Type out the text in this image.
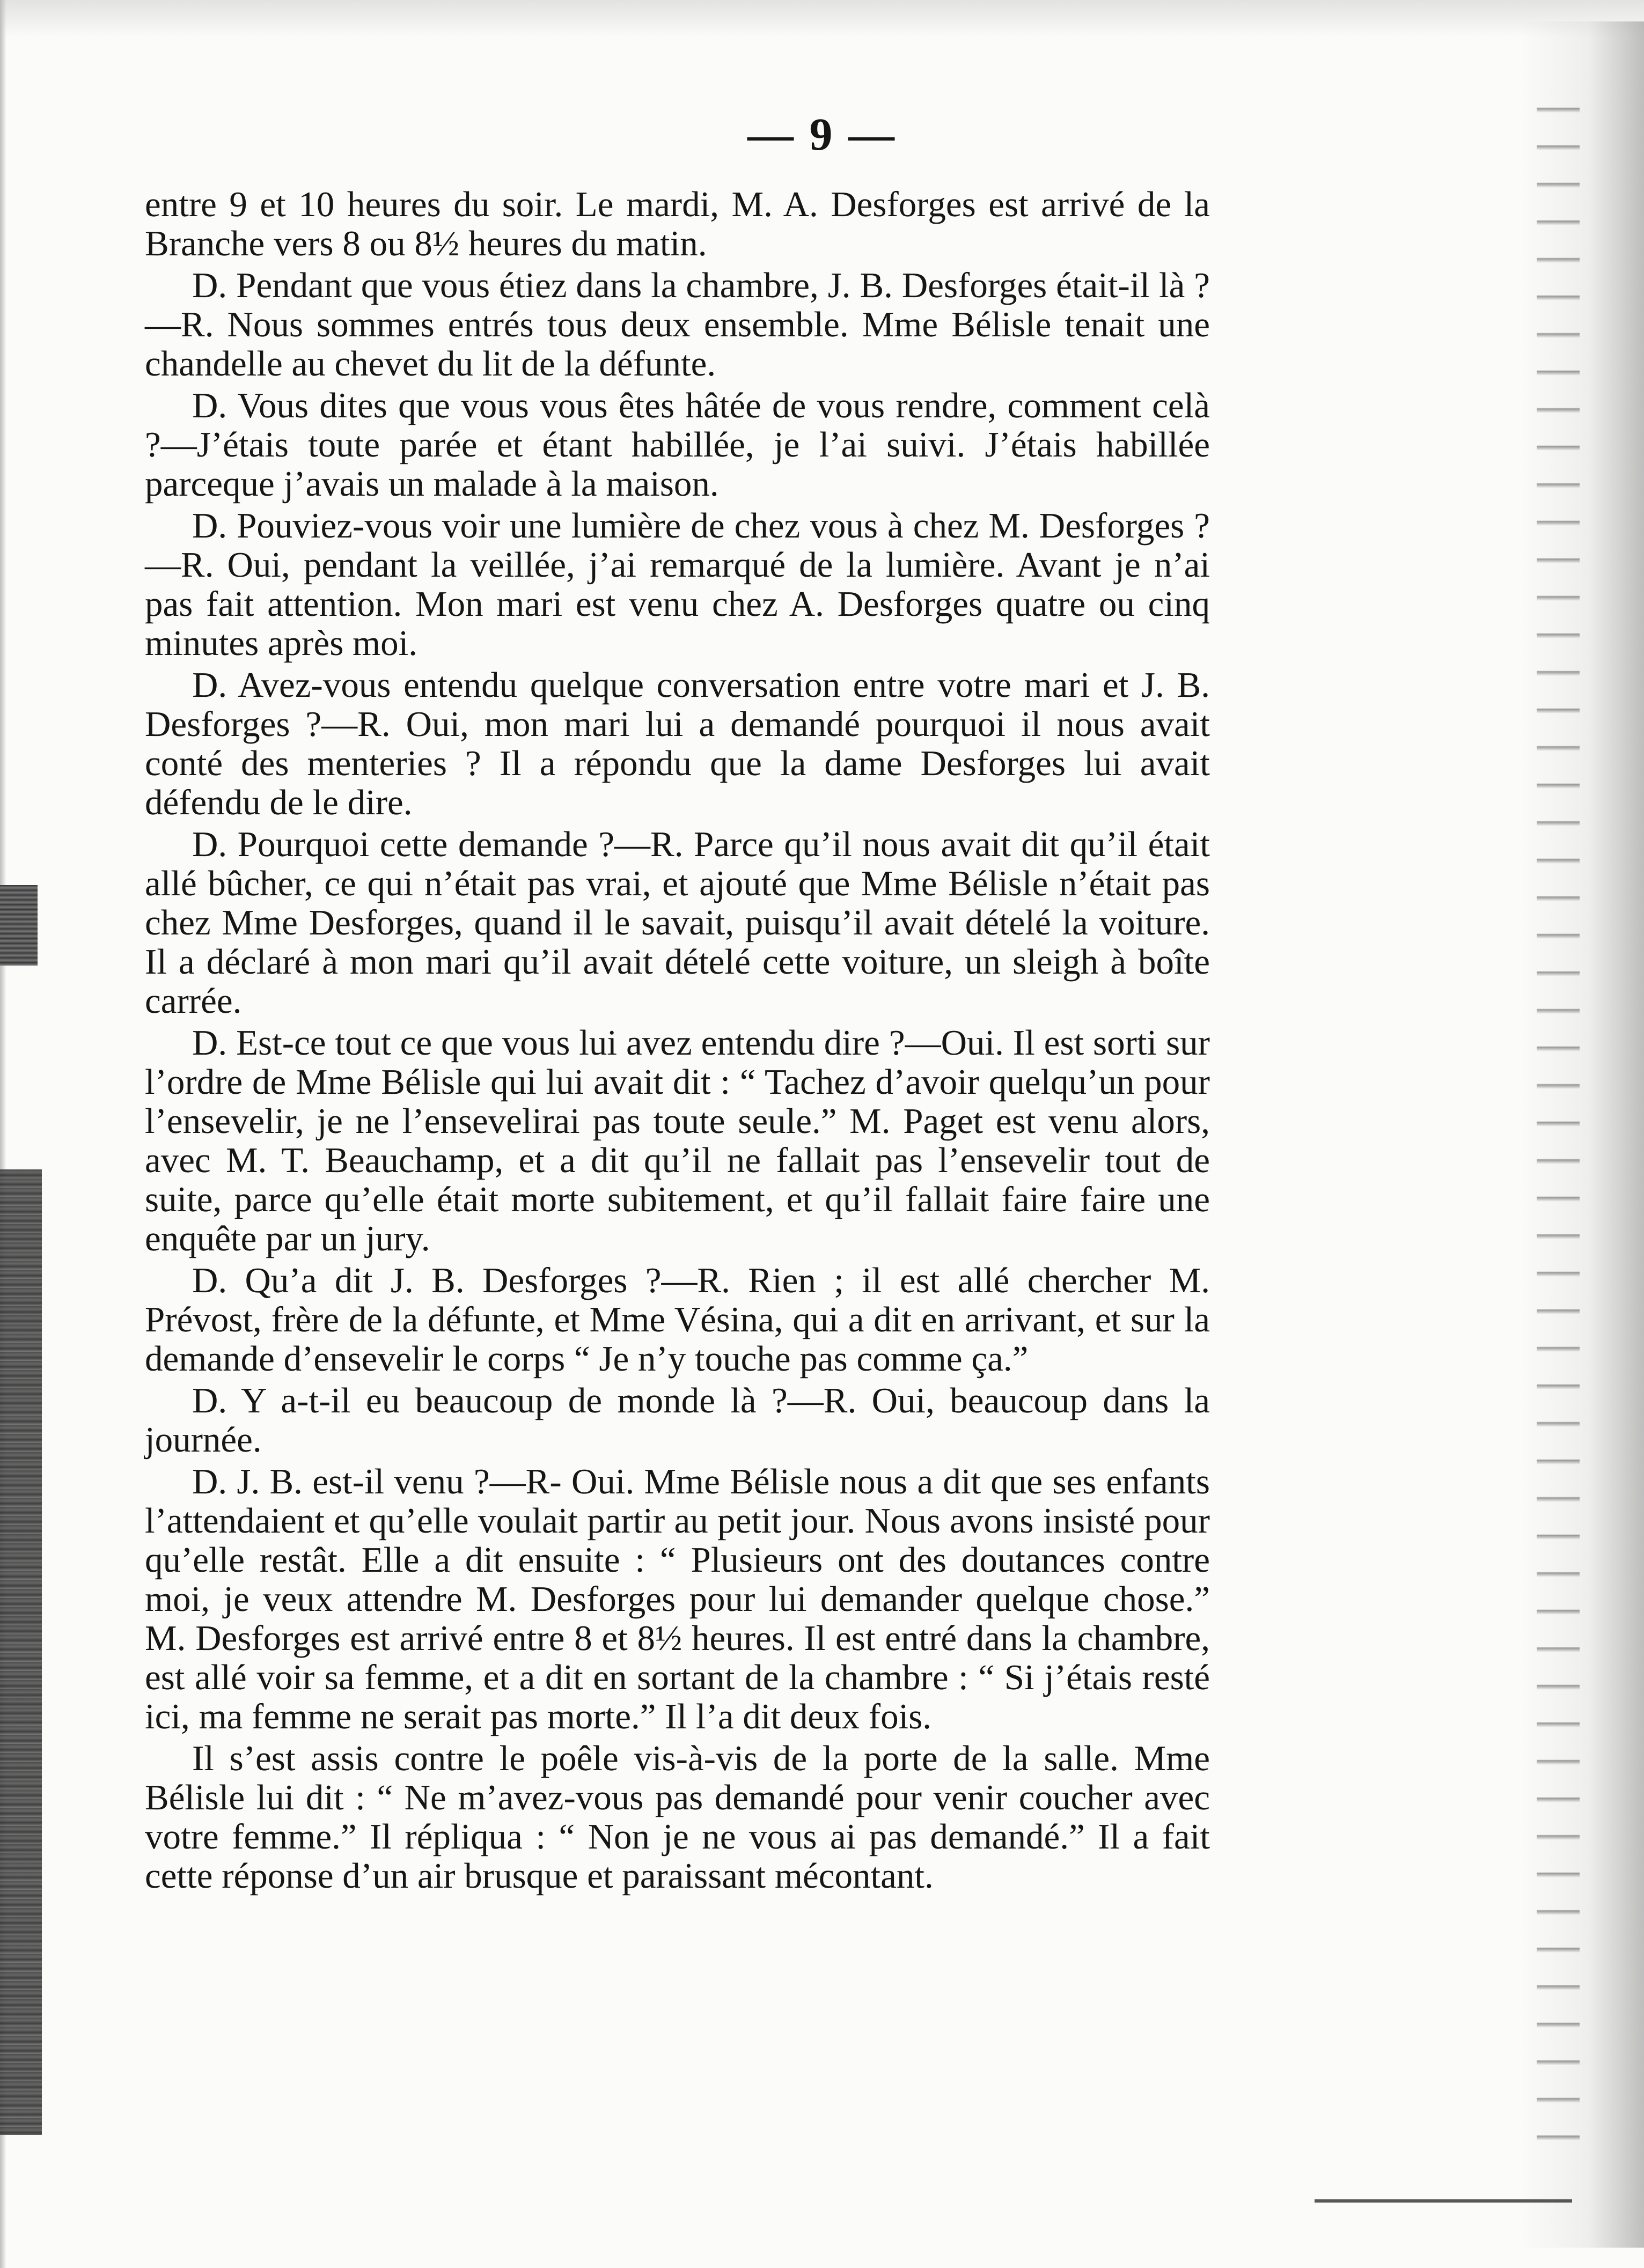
— 9 —

entre 9 et 10 heures du soir. Le mardi, M. A. Desforges est arrivé de la Branche vers 8 ou 8½ heures du matin.

D. Pendant que vous étiez dans la chambre, J. B. Desforges était-il là ?—R. Nous sommes entrés tous deux ensemble. Mme Bélisle tenait une chandelle au chevet du lit de la défunte.

D. Vous dites que vous vous êtes hâtée de vous rendre, comment celà ?—J’étais toute parée et étant habillée, je l’ai suivi. J’étais habillée parceque j’avais un malade à la maison.

D. Pouviez-vous voir une lumière de chez vous à chez M. Desforges ?—R. Oui, pendant la veillée, j’ai remarqué de la lumière. Avant je n’ai pas fait attention. Mon mari est venu chez A. Desforges quatre ou cinq minutes après moi.

D. Avez-vous entendu quelque conversation entre votre mari et J. B. Desforges ?—R. Oui, mon mari lui a demandé pourquoi il nous avait conté des menteries ? Il a répondu que la dame Desforges lui avait défendu de le dire.

D. Pourquoi cette demande ?—R. Parce qu’il nous avait dit qu’il était allé bûcher, ce qui n’était pas vrai, et ajouté que Mme Bélisle n’était pas chez Mme Desforges, quand il le savait, puisqu’il avait dételé la voiture. Il a déclaré à mon mari qu’il avait dételé cette voiture, un sleigh à boîte carrée.

D. Est-ce tout ce que vous lui avez entendu dire ?—Oui. Il est sorti sur l’ordre de Mme Bélisle qui lui avait dit : “ Tachez d’avoir quelqu’un pour l’ensevelir, je ne l’ensevelirai pas toute seule.” M. Paget est venu alors, avec M. T. Beauchamp, et a dit qu’il ne fallait pas l’ensevelir tout de suite, parce qu’elle était morte subitement, et qu’il fallait faire faire une enquête par un jury.

D. Qu’a dit J. B. Desforges ?—R. Rien ; il est allé chercher M. Prévost, frère de la défunte, et Mme Vésina, qui a dit en arrivant, et sur la demande d’ensevelir le corps “ Je n’y touche pas comme ça.”

D. Y a-t-il eu beaucoup de monde là ?—R. Oui, beaucoup dans la journée.

D. J. B. est-il venu ?—R- Oui. Mme Bélisle nous a dit que ses enfants l’attendaient et qu’elle voulait partir au petit jour. Nous avons insisté pour qu’elle restât. Elle a dit ensuite : “ Plusieurs ont des doutances contre moi, je veux attendre M. Desforges pour lui demander quelque chose.” M. Desforges est arrivé entre 8 et 8½ heures. Il est entré dans la chambre, est allé voir sa femme, et a dit en sortant de la chambre : “ Si j’étais resté ici, ma femme ne serait pas morte.” Il l’a dit deux fois.

Il s’est assis contre le poêle vis-à-vis de la porte de la salle. Mme Bélisle lui dit : “ Ne m’avez-vous pas demandé pour venir coucher avec votre femme.” Il répliqua : “ Non je ne vous ai pas demandé.” Il a fait cette réponse d’un air brusque et paraissant mécontant.
